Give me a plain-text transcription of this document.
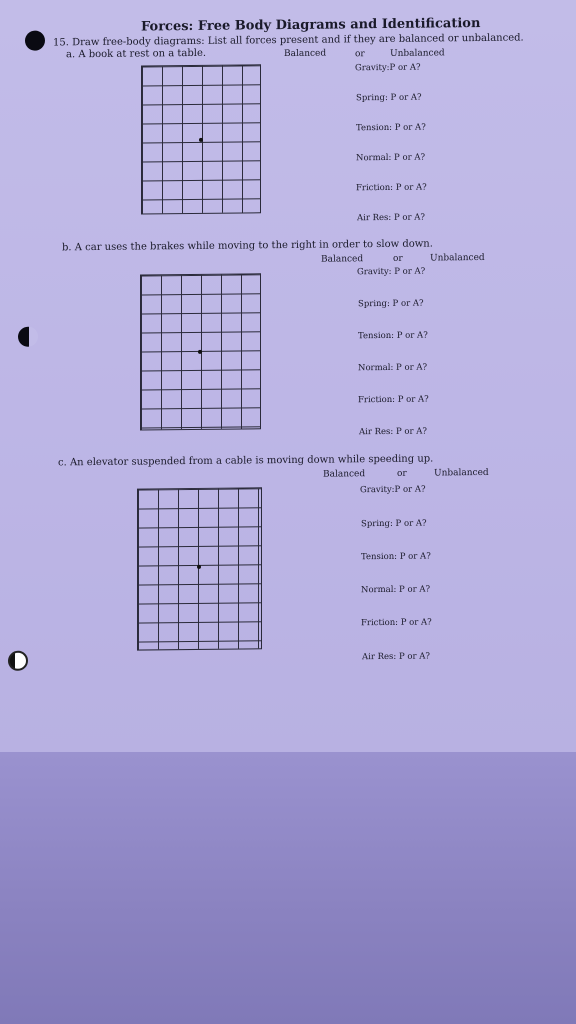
Forces: Free Body Diagrams and Identification
15. Draw free-body diagrams: List all forces present and if they are balanced or unbalanced.
a. A book at rest on a table.	Balanced	or	Unbalanced
Gravity:P or A?
Spring: P or A?
Tension: P or A?
Normal: P or A?
Friction: P or A?
Air Res: P or A?
b. A car uses the brakes while moving to the right in order to slow down.
Balanced	or	Unbalanced
Gravity: P or A?
Spring: P or A?
Tension: P or A?
Normal: P or A?
Friction: P or A?
Air Res: P or A?
c. An elevator suspended from a cable is moving down while speeding up.
Balanced	or	Unbalanced
Gravity:P or A?
Spring: P or A?
Tension: P or A?
Normal: P or A?
Friction: P or A?
Air Res: P or A?
